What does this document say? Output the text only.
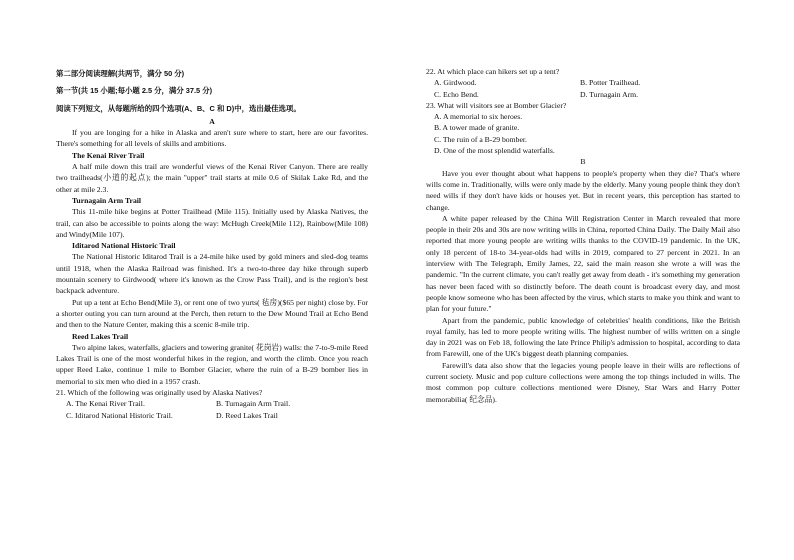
第二部分阅读理解(共两节，满分 50 分)

第一节(共 15 小题;每小题 2.5 分，满分 37.5 分)

阅读下列短文，从每题所给的四个选项(A、B、C 和 D)中，选出最佳选项。

A

If you are longing for a hike in Alaska and aren't sure where to start, here are our favorites. There's something for all levels of skills and ambitions.

The Kenai River Trail

A half mile down this trail are wonderful views of the Kenai River Canyon. There are really two trailheads(小道的起点); the main "upper" trail starts at mile 0.6 of Skilak Lake Rd, and the other at mile 2.3.

Turnagain Arm Trail

This 11-mile hike begins at Potter Trailhead (Mile 115). Initially used by Alaska Natives, the trail, can also be accessible to points along the way: McHugh Creek(Mile 112), Rainbow(Mile 108) and Windy(Mile 107).

Iditarod National Historic Trail

The National Historic Iditarod Trail is a 24-mile hike used by gold miners and sled-dog teams until 1918, when the Alaska Railroad was finished. It's a two-to-three day hike through superb mountain scenery to Girdwood( where it's known as the Crow Pass Trail), and is the region's best backpack adventure.

Put up a tent at Echo Bend(Mile 3), or rent one of two yurts( 毡房)($65 per night) close by. For a shorter outing you can turn around at the Perch, then return to the Dew Mound Trail at Echo Bend and then to the Nature Center, making this a scenic 8-mile trip.

Reed Lakes Trail

Two alpine lakes, waterfalls, glaciers and towering granite( 花岗岩) walls: the 7-to-9-mile Reed Lakes Trail is one of the most wonderful hikes in the region, and worth the climb. Once you reach upper Reed Lake, continue 1 mile to Bomber Glacier, where the ruin of a B-29 bomber lies in memorial to six men who died in a 1957 crash.

21. Which of the following was originally used by Alaska Natives?

A. The Kenai River Trail.	B. Turnagain Arm Trail.
C. Iditarod National Historic Trail.	D. Reed Lakes Trail

22. At which place can hikers set up a tent?

A. Girdwood.	B. Potter Trailhead.
C. Echo Bend.	D. Turnagain Arm.

23. What will visitors see at Bomber Glacier?

A. A memorial to six heroes.

B. A tower made of granite.

C. The ruin of a B-29 bomber.

D. One of the most splendid waterfalls.

B

Have you ever thought about what happens to people's property when they die? That's where wills come in. Traditionally, wills were only made by the elderly. Many young people think they don't need wills if they don't have kids or houses yet. But in recent years, this perception has started to change.

A white paper released by the China Will Registration Center in March revealed that more people in their 20s and 30s are now writing wills in China, reported China Daily. The Daily Mail also reported that more young people are writing wills thanks to the COVID-19 pandemic. In the UK, only 18 percent of 18-to 34-year-olds had wills in 2019, compared to 27 percent in 2021. In an interview with The Telegraph, Emily James, 22, said the main reason she wrote a will was the pandemic. "In the current climate, you can't really get away from death - it's something my generation has never been faced with so distinctly before. The death count is broadcast every day, and most people know someone who has been affected by the virus, which starts to make you think and want to plan for your future."

Apart from the pandemic, public knowledge of celebrities' health conditions, like the British royal family, has led to more people writing wills. The highest number of wills written on a single day in 2021 was on Feb 18, following the late Prince Philip's admission to hospital, according to data from Farewill, one of the UK's biggest death planning companies.

Farewill's data also show that the legacies young people leave in their wills are reflections of current society. Music and pop culture collections were among the top things included in wills. The most common pop culture collections mentioned were Disney, Star Wars and Harry Potter memorabilia( 纪念品).
